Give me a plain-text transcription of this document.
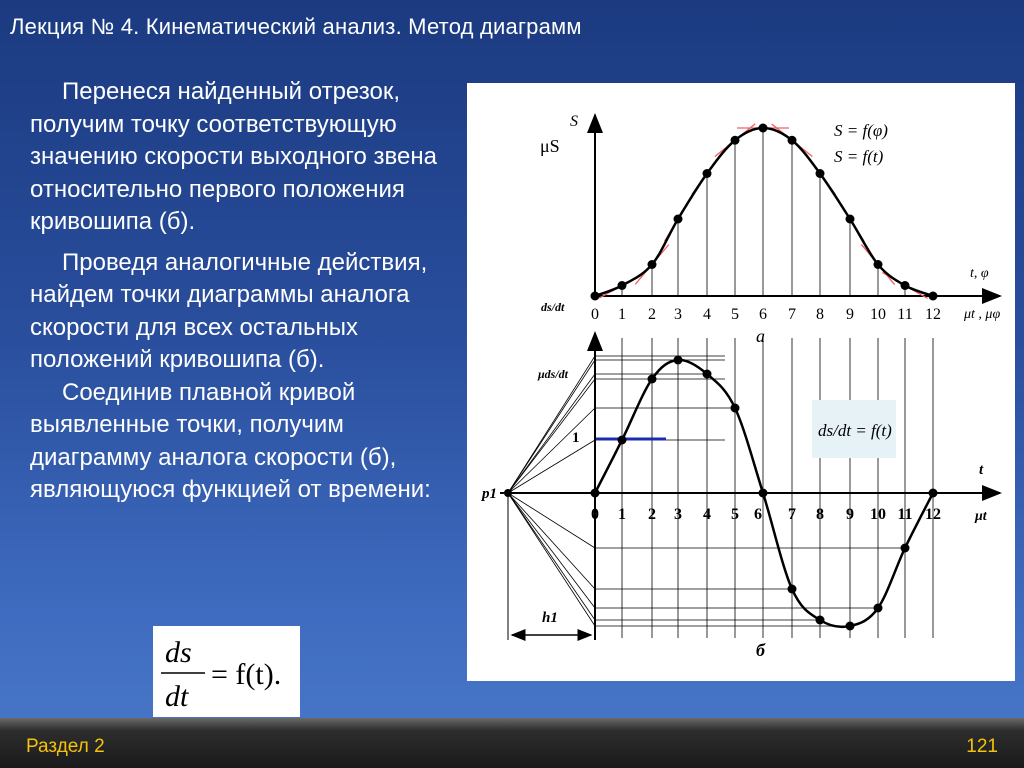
Лекция № 4. Кинематический анализ. Метод диаграмм

Перенеся найденный отрезок, получим точку соответствующую значению скорости выходного звена относительно первого положения кривошипа (б).

Проведя аналогичные действия, найдем точки диаграммы аналога скорости для всех остальных положений кривошипа (б).

Соединив плавной кривой выявленные точки, получим диаграмму аналога скорости (б), являющуюся функцией от времени:

ds
dt
= f(t).
0 1 2 3 4 5 6 7 8 9 10 11 12
S
μS
S = f(φ)
S = f(t)
t, φ
μt , μφ
а
0 1 2 3 4 5 6 7 8 9 10 11 12
p1
h1
1
ds/dt
μds/dt
t
μt
б
ds/dt = f(t)
Раздел 2	121
